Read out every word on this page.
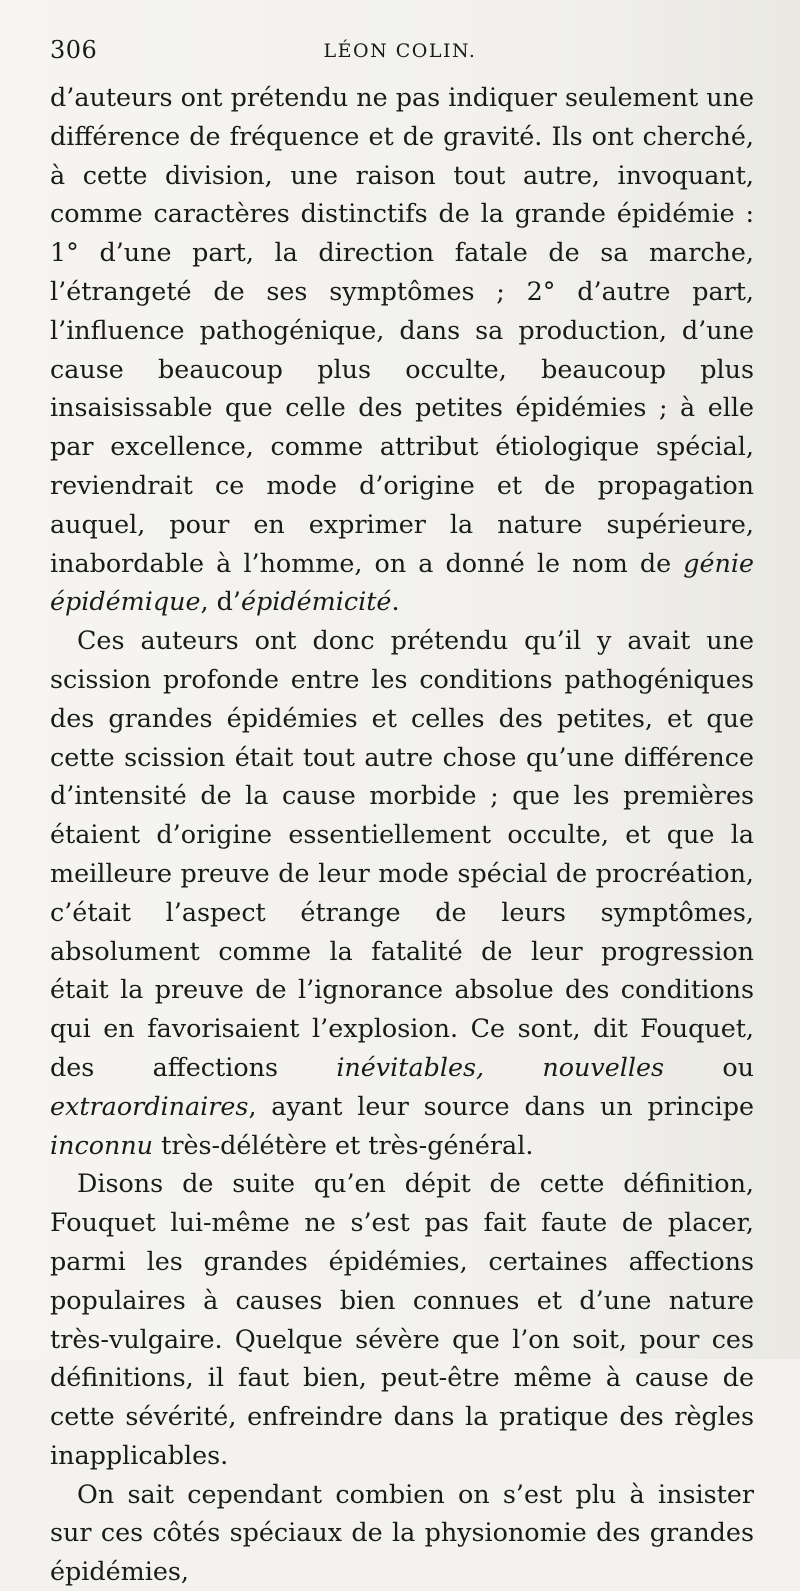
306	LÉON COLIN.

d’auteurs ont prétendu ne pas indiquer seulement une différence de fréquence et de gravité. Ils ont cherché, à cette division, une raison tout autre, invoquant, comme caractères distinctifs de la grande épidémie : 1° d’une part, la direction fatale de sa marche, l’étrangeté de ses symptômes ; 2° d’autre part, l’influence pathogénique, dans sa production, d’une cause beaucoup plus occulte, beaucoup plus insaisissable que celle des petites épidémies ; à elle par excellence, comme attribut étiologique spécial, reviendrait ce mode d’origine et de propagation auquel, pour en exprimer la nature supérieure, inabordable à l’homme, on a donné le nom de génie épidémique, d’épidémicité.

Ces auteurs ont donc prétendu qu’il y avait une scission profonde entre les conditions pathogéniques des grandes épidémies et celles des petites, et que cette scission était tout autre chose qu’une différence d’intensité de la cause morbide ; que les premières étaient d’origine essentiellement occulte, et que la meilleure preuve de leur mode spécial de procréation, c’était l’aspect étrange de leurs symptômes, absolument comme la fatalité de leur progression était la preuve de l’ignorance absolue des conditions qui en favorisaient l’explosion. Ce sont, dit Fouquet, des affections inévitables, nouvelles ou extraordinaires, ayant leur source dans un principe inconnu très-délétère et très-général.

Disons de suite qu’en dépit de cette définition, Fouquet lui-même ne s’est pas fait faute de placer, parmi les grandes épidémies, certaines affections populaires à causes bien connues et d’une nature très-vulgaire. Quelque sévère que l’on soit, pour ces définitions, il faut bien, peut-être même à cause de cette sévérité, enfreindre dans la pratique des règles inapplicables.

On sait cependant combien on s’est plu à insister sur ces côtés spéciaux de la physionomie des grandes épidémies,
